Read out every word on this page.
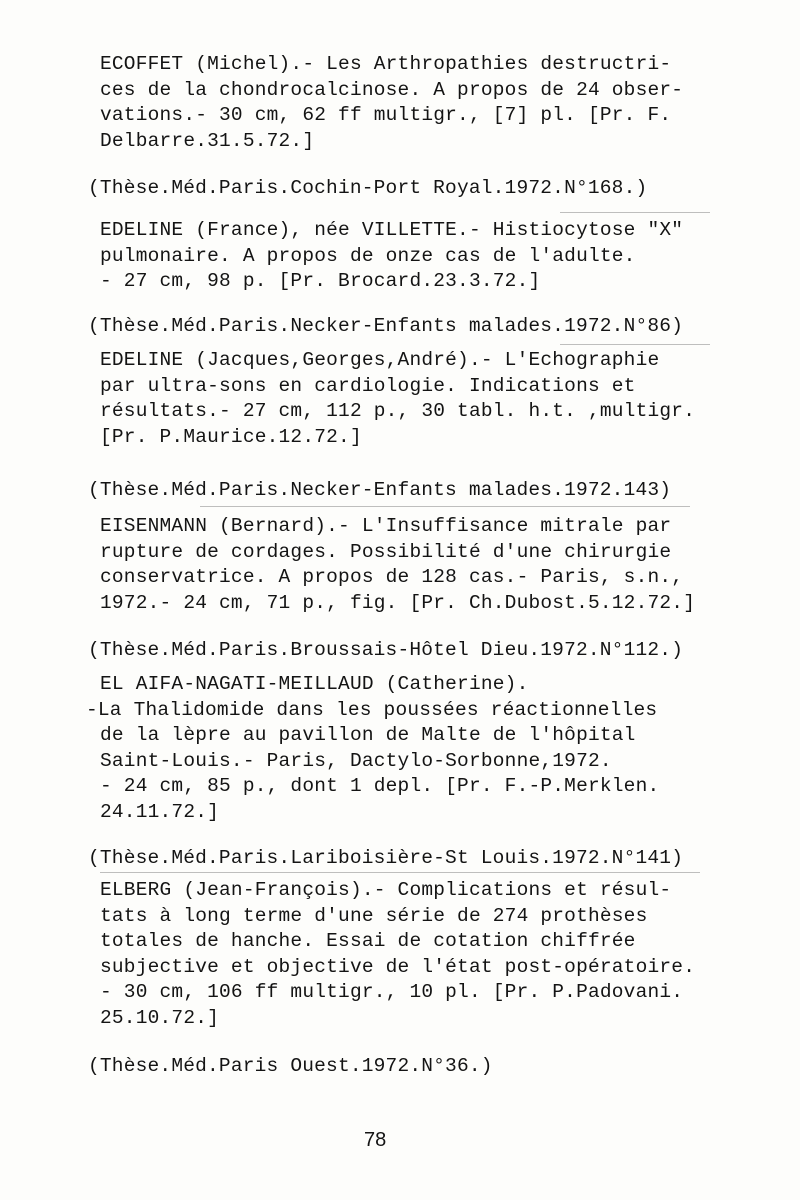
ECOFFET (Michel).- Les Arthropathies destructri-
ces de la chondrocalcinose. A propos de 24 obser-
vations.- 30 cm, 62 ff multigr., [7] pl. [Pr. F.
Delbarre.31.5.72.]
(Thèse.Méd.Paris.Cochin-Port Royal.1972.N°168.)
EDELINE (France), née VILLETTE.- Histiocytose "X"
pulmonaire. A propos de onze cas de l'adulte.
- 27 cm, 98 p. [Pr. Brocard.23.3.72.]
(Thèse.Méd.Paris.Necker-Enfants malades.1972.N°86)
EDELINE (Jacques,Georges,André).- L'Echographie
par ultra-sons en cardiologie. Indications et
résultats.- 27 cm, 112 p., 30 tabl. h.t. ,multigr.
[Pr. P.Maurice.12.72.]
(Thèse.Méd.Paris.Necker-Enfants malades.1972.143)
EISENMANN (Bernard).- L'Insuffisance mitrale par
rupture de cordages. Possibilité d'une chirurgie
conservatrice. A propos de 128 cas.- Paris, s.n.,
1972.- 24 cm, 71 p., fig. [Pr. Ch.Dubost.5.12.72.]
(Thèse.Méd.Paris.Broussais-Hôtel Dieu.1972.N°112.)
EL AIFA-NAGATI-MEILLAUD (Catherine).
-La Thalidomide dans les poussées réactionnelles
de la lèpre au pavillon de Malte de l'hôpital
Saint-Louis.- Paris, Dactylo-Sorbonne,1972.
- 24 cm, 85 p., dont 1 depl. [Pr. F.-P.Merklen.
24.11.72.]
(Thèse.Méd.Paris.Lariboisière-St Louis.1972.N°141)
ELBERG (Jean-François).- Complications et résul-
tats à long terme d'une série de 274 prothèses
totales de hanche. Essai de cotation chiffrée
subjective et objective de l'état post-opératoire.
- 30 cm, 106 ff multigr., 10 pl. [Pr. P.Padovani.
25.10.72.]
(Thèse.Méd.Paris Ouest.1972.N°36.)
78
